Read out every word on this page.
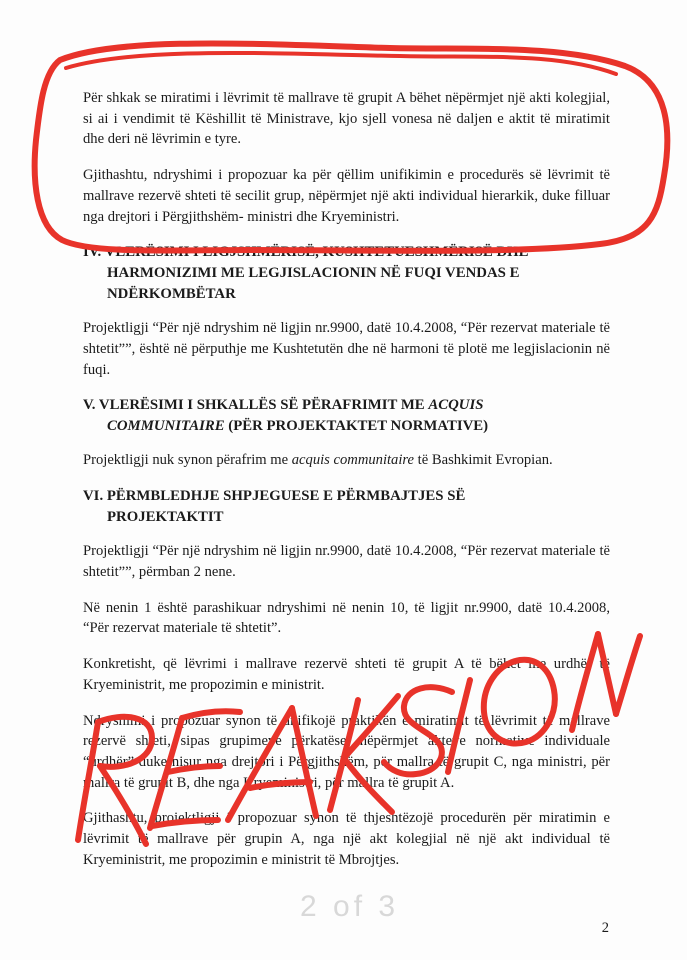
Për shkak se miratimi i lëvrimit të mallrave të grupit A bëhet nëpërmjet një akti kolegjial, si ai i vendimit të Këshillit të Ministrave, kjo sjell vonesa në daljen e aktit të miratimit dhe deri në lëvrimin e tyre.

Gjithashtu, ndryshimi i propozuar ka për qëllim unifikimin e procedurës së lëvrimit të mallrave rezervë shteti të secilit grup, nëpërmjet një akti individual hierarkik, duke filluar nga drejtori i Përgjithshëm- ministri dhe Kryeministri.

IV. VLERËSIMI I LIGJSHMËRISË, KUSHTETUESHMËRISË DHE
HARMONIZIMI ME LEGJISLACIONIN NË FUQI VENDAS E
NDËRKOMBËTAR

Projektligji “Për një ndryshim në ligjin nr.9900, datë 10.4.2008, “Për rezervat materiale të shtetit””, është në përputhje me Kushtetutën dhe në harmoni të plotë me legjislacionin në fuqi.

V. VLERËSIMI I SHKALLËS SË PËRAFRIMIT ME ACQUIS
COMMUNITAIRE (PËR PROJEKTAKTET NORMATIVE)

Projektligji nuk synon përafrim me acquis communitaire të Bashkimit Evropian.

VI. PËRMBLEDHJE SHPJEGUESE E PËRMBAJTJES SË
PROJEKTAKTIT

Projektligji “Për një ndryshim në ligjin nr.9900, datë 10.4.2008, “Për rezervat materiale të shtetit””, përmban 2 nene.

Në nenin 1 është parashikuar ndryshimi në nenin 10, të ligjit nr.9900, datë 10.4.2008, “Për rezervat materiale të shtetit”.

Konkretisht, që lëvrimi i mallrave rezervë shteti të grupit A të bëhet me urdhër të Kryeministrit, me propozimin e ministrit.

Ndryshimi i propozuar synon të unifikojë praktikën e miratimit të lëvrimit të mallrave rezervë shteti, sipas grupimeve përkatëse, nëpërmjet akteve normative individuale “urdhër” duke nisur nga drejtori i Përgjithshëm, për mallra të grupit C, nga ministri, për mallra të grupit B, dhe nga Kryeministri, për mallra të grupit A.

Gjithashtu, projektligji i propozuar synon të thjeshtëzojë procedurën për miratimin e lëvrimit të mallrave për grupin A, nga një akt kolegjial në një akt individual të Kryeministrit, me propozimin e ministrit të Mbrojtjes.

2 of 3
2
